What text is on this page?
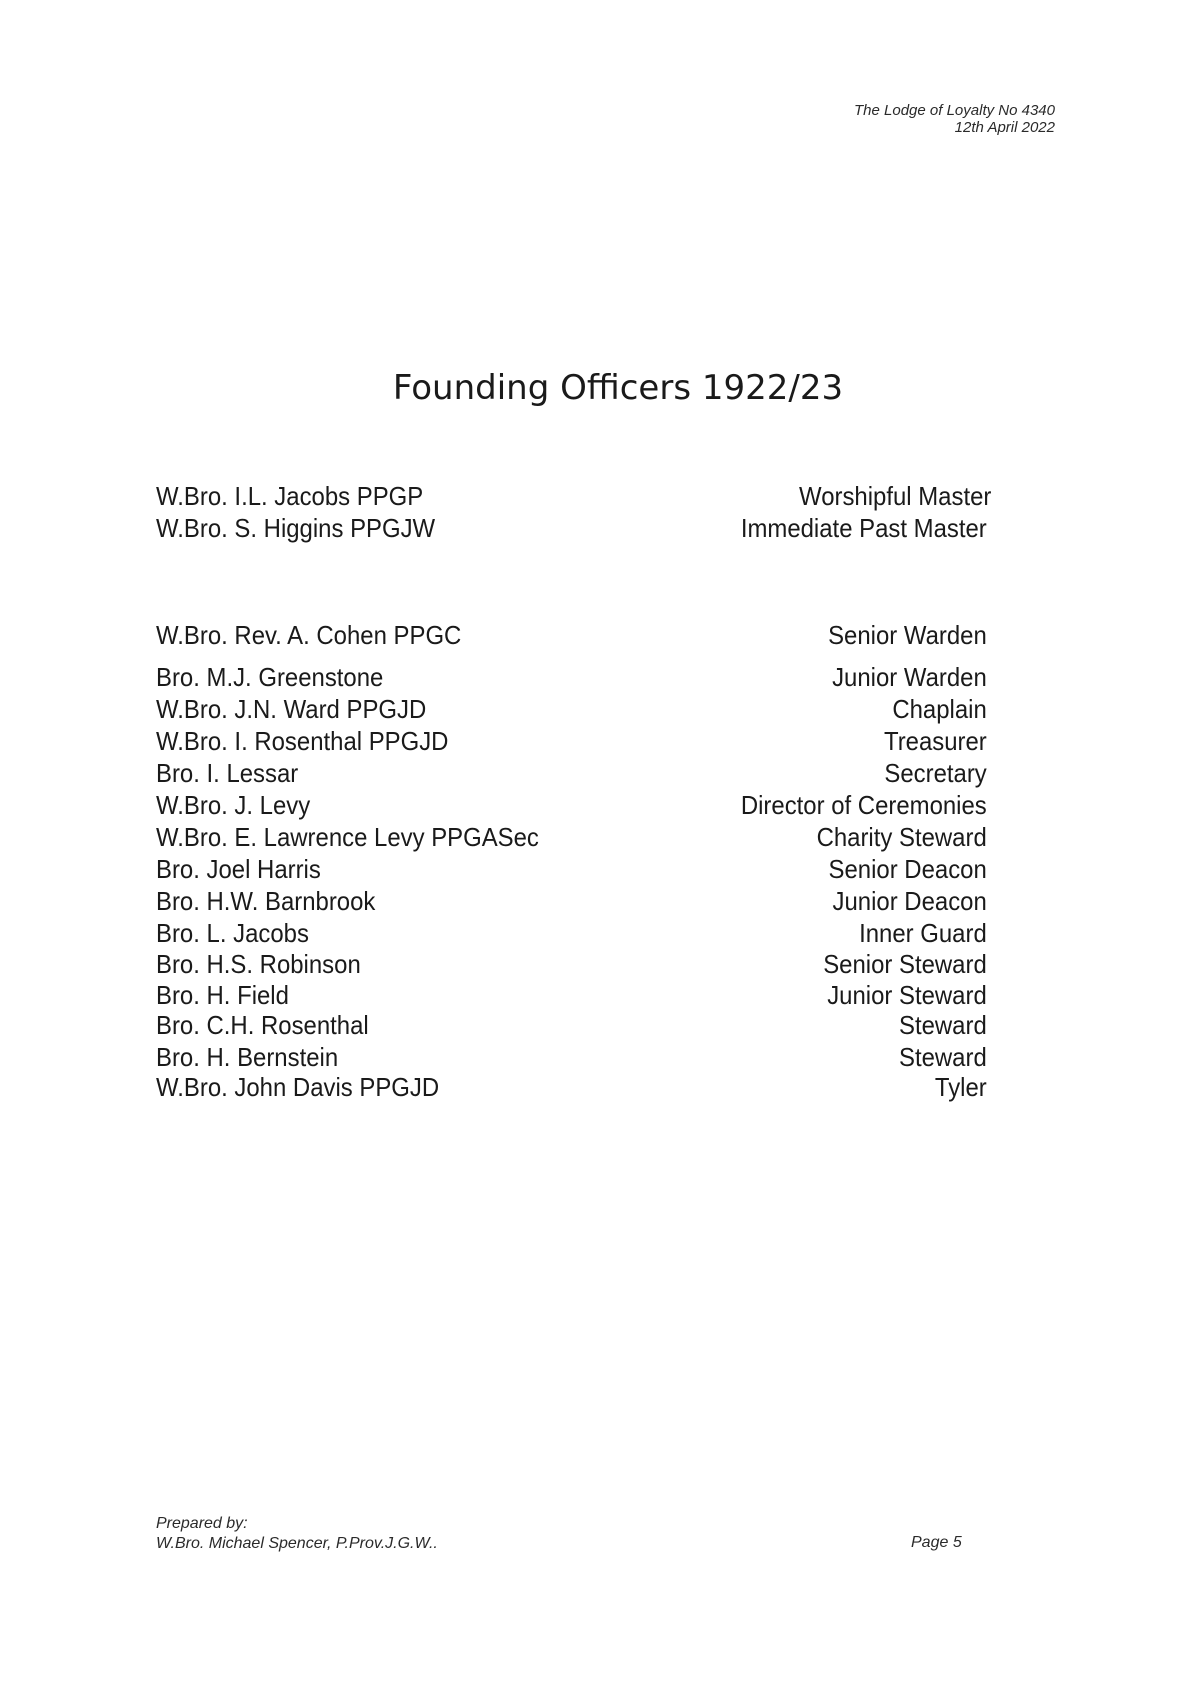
The Lodge of Loyalty No 4340
12th April 2022
Founding Officers 1922/23
W.Bro. I.L. Jacobs PPGP	Worshipful Master
W.Bro. S. Higgins PPGJW	Immediate Past Master
W.Bro. Rev. A. Cohen PPGC	Senior Warden
Bro. M.J. Greenstone	Junior Warden
W.Bro. J.N. Ward PPGJD	Chaplain
W.Bro. I. Rosenthal PPGJD	Treasurer
Bro. I. Lessar	Secretary
W.Bro. J. Levy	Director of Ceremonies
W.Bro. E. Lawrence Levy PPGASec	Charity Steward
Bro. Joel Harris	Senior Deacon
Bro. H.W. Barnbrook	Junior Deacon
Bro. L. Jacobs	Inner Guard
Bro. H.S. Robinson	Senior Steward
Bro. H. Field	Junior Steward
Bro. C.H. Rosenthal	Steward
Bro. H. Bernstein	Steward
W.Bro. John Davis PPGJD	Tyler
Prepared by:
W.Bro. Michael Spencer, P.Prov.J.G.W..	Page 5
